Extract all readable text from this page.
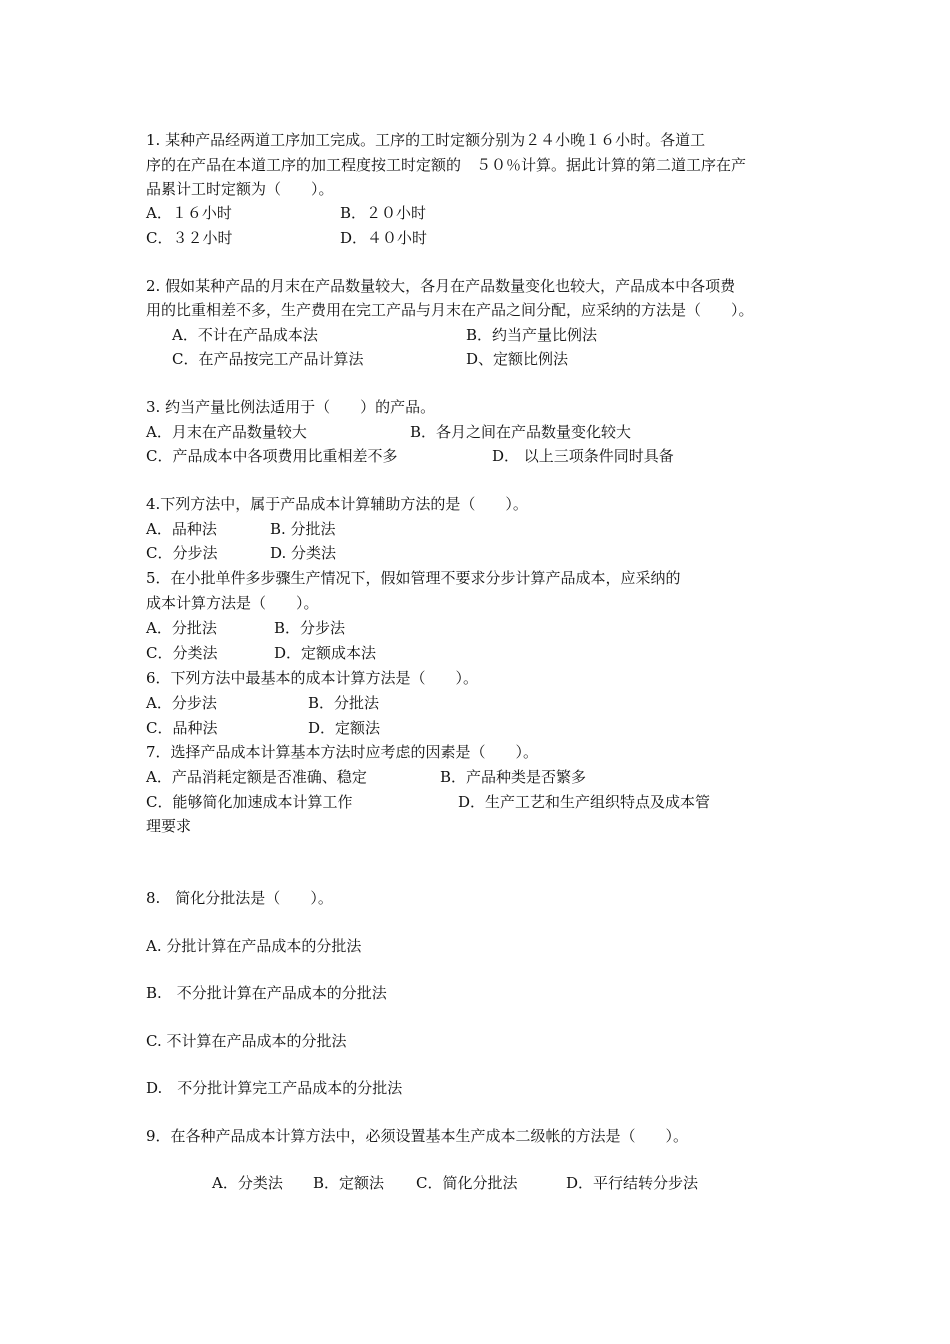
1. 某种产品经两道工序加工完成。工序的工时定额分别为２４小晚１６小时。各道工
序的在产品在本道工序的加工程度按工时定额的　５０％计算。据此计算的第二道工序在产
品累计工时定额为（　　）。
A．１６小时	B．２０小时
C．３２小时	D．４０小时
2. 假如某种产品的月末在产品数量较大，各月在产品数量变化也较大，产品成本中各项费
用的比重相差不多，生产费用在完工产品与月末在产品之间分配，应采纳的方法是（　　）。
A．不计在产品成本法	B．约当产量比例法
C．在产品按完工产品计算法	D、定额比例法
3. 约当产量比例法适用于（　　）的产品。
A．月末在产品数量较大	B．各月之间在产品数量变化较大
C．产品成本中各项费用比重相差不多	D． 以上三项条件同时具备
4.下列方法中，属于产品成本计算辅助方法的是（　　）。
A．品种法	B. 分批法
C．分步法	D. 分类法
5．在小批单件多步骤生产情况下，假如管理不要求分步计算产品成本，应采纳的
成本计算方法是（　　）。
A．分批法	B．分步法
C．分类法	D．定额成本法
6．下列方法中最基本的成本计算方法是（　　）。
A．分步法	B．分批法
C．品种法	D．定额法
7．选择产品成本计算基本方法时应考虑的因素是（　　）。
A．产品消耗定额是否准确、稳定	B．产品种类是否繁多
C．能够简化加速成本计算工作	D．生产工艺和生产组织特点及成本管
理要求
8.　简化分批法是（　　）。
A. 分批计算在产品成本的分批法
B.　不分批计算在产品成本的分批法
C. 不计算在产品成本的分批法
D.　不分批计算完工产品成本的分批法
9．在各种产品成本计算方法中，必须设置基本生产成本二级帐的方法是（　　）。
A．分类法 B．定额法 C．简化分批法	D．平行结转分步法
